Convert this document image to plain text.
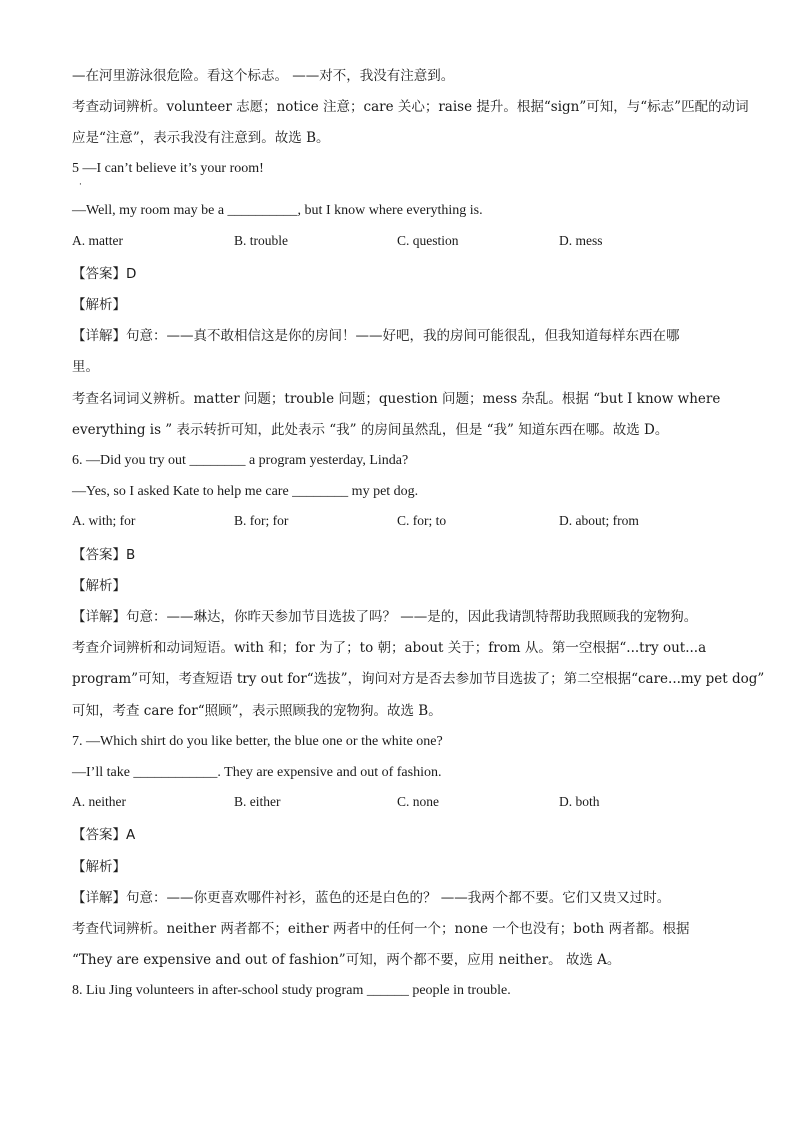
—在河里游泳很危险。看这个标志。 ——对不，我没有注意到。
考查动词辨析。volunteer 志愿；notice 注意；care 关心；raise 提升。根据“sign”可知，与“标志”匹配的动词
应是“注意”，表示我没有注意到。故选 B。
5 —I can’t believe it’s your room!
·
—Well, my room may be a __________, but I know where everything is.
A. matter	B. trouble	C. question	D. mess
【答案】D
【解析】
【详解】句意：——真不敢相信这是你的房间！——好吧，我的房间可能很乱，但我知道每样东西在哪
里。
考查名词词义辨析。matter 问题；trouble 问题；question 问题；mess 杂乱。根据 “but I know where
everything is ” 表示转折可知，此处表示 “我” 的房间虽然乱，但是 “我” 知道东西在哪。故选 D。
6. —Did you try out ________ a program yesterday, Linda?
—Yes, so I asked Kate to help me care ________ my pet dog.
A. with; for	B. for; for	C. for; to	D. about; from
【答案】B
【解析】
【详解】句意：——琳达，你昨天参加节目选拔了吗？ ——是的，因此我请凯特帮助我照顾我的宠物狗。
考查介词辨析和动词短语。with 和；for 为了；to 朝；about 关于；from 从。第一空根据“...try out...a
program”可知，考查短语 try out for“选拔”，询问对方是否去参加节目选拔了；第二空根据“care...my pet dog”
可知，考查 care for“照顾”，表示照顾我的宠物狗。故选 B。
7. —Which shirt do you like better, the blue one or the white one?
—I’ll take ____________. They are expensive and out of fashion.
A. neither	B. either	C. none	D. both
【答案】A
【解析】
【详解】句意：——你更喜欢哪件衬衫，蓝色的还是白色的？ ——我两个都不要。它们又贵又过时。
考查代词辨析。neither 两者都不；either 两者中的任何一个；none 一个也没有；both 两者都。根据
“They are expensive and out of fashion”可知，两个都不要，应用 neither。 故选 A。
8. Liu Jing volunteers in after-school study program ______ people in trouble.
